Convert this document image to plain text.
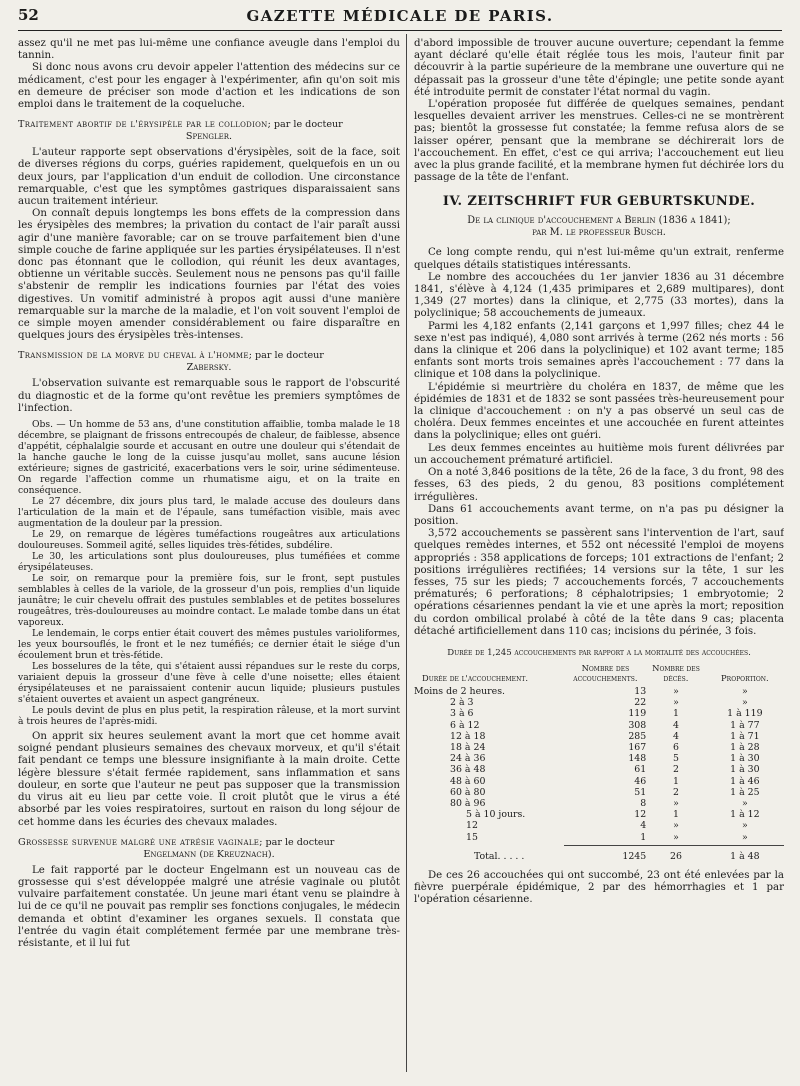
52	GAZETTE MÉDICALE DE PARIS.

assez qu'il ne met pas lui-même une confiance aveugle dans l'emploi du tannin.

Si donc nous avons cru devoir appeler l'attention des médecins sur ce médicament, c'est pour les engager à l'expérimenter, afin qu'on soit mis en demeure de préciser son mode d'action et les indications de son emploi dans le traitement de la coqueluche.

Traitement abortif de l'érysipèle par le collodion; par le docteur
Spengler.

L'auteur rapporte sept observations d'érysipèles, soit de la face, soit de diverses régions du corps, guéries rapidement, quelquefois en un ou deux jours, par l'application d'un enduit de collodion. Une circonstance remarquable, c'est que les symptômes gastriques disparaissaient sans aucun traitement intérieur.

On connaît depuis longtemps les bons effets de la compression dans les érysipèles des membres; la privation du contact de l'air paraît aussi agir d'une manière favorable; car on se trouve parfaitement bien d'une simple couche de farine appliquée sur les parties érysipélateuses. Il n'est donc pas étonnant que le collodion, qui réunit les deux avantages, obtienne un véritable succès. Seulement nous ne pensons pas qu'il faille s'abstenir de remplir les indications fournies par l'état des voies digestives. Un vomitif administré à propos agit aussi d'une manière remarquable sur la marche de la maladie, et l'on voit souvent l'emploi de ce simple moyen amender considérablement ou faire disparaître en quelques jours des érysipèles très-intenses.

Transmission de la morve du cheval à l'homme; par le docteur
Zabersky.

L'observation suivante est remarquable sous le rapport de l'obscurité du diagnostic et de la forme qu'ont revêtue les premiers symptômes de l'infection.

Obs. — Un homme de 53 ans, d'une constitution affaiblie, tomba malade le 18 décembre, se plaignant de frissons entrecoupés de chaleur, de faiblesse, absence d'appétit, céphalalgie sourde et accusant en outre une douleur qui s'étendait de la hanche gauche le long de la cuisse jusqu'au mollet, sans aucune lésion extérieure; signes de gastricité, exacerbations vers le soir, urine sédimenteuse. On regarde l'affection comme un rhumatisme aigu, et on la traite en conséquence.

Le 27 décembre, dix jours plus tard, le malade accuse des douleurs dans l'articulation de la main et de l'épaule, sans tuméfaction visible, mais avec augmentation de la douleur par la pression.

Le 29, on remarque de légères tuméfactions rougeâtres aux articulations douloureuses. Sommeil agité, selles liquides très-fétides, subdélire.

Le 30, les articulations sont plus douloureuses, plus tuméfiées et comme érysipélateuses.

Le soir, on remarque pour la première fois, sur le front, sept pustules semblables à celles de la variole, de la grosseur d'un pois, remplies d'un liquide jaunâtre; le cuir chevelu offrait des pustules semblables et de petites bosselures rougeâtres, très-douloureuses au moindre contact. Le malade tombe dans un état vaporeux.

Le lendemain, le corps entier était couvert des mêmes pustules varioliformes, les yeux boursouflés, le front et le nez tuméfiés; ce dernier était le siége d'un écoulement brun et très-fétide.

Les bosselures de la tête, qui s'étaient aussi répandues sur le reste du corps, variaient depuis la grosseur d'une fève à celle d'une noisette; elles étaient érysipélateuses et ne paraissaient contenir aucun liquide; plusieurs pustules s'étaient ouvertes et avaient un aspect gangréneux.

Le pouls devint de plus en plus petit, la respiration râleuse, et la mort survint à trois heures de l'après-midi.

On apprit six heures seulement avant la mort que cet homme avait soigné pendant plusieurs semaines des chevaux morveux, et qu'il s'était fait pendant ce temps une blessure insignifiante à la main droite. Cette légère blessure s'était fermée rapidement, sans inflammation et sans douleur, en sorte que l'auteur ne peut pas supposer que la transmission du virus ait eu lieu par cette voie. Il croit plutôt que le virus a été absorbé par les voies respiratoires, surtout en raison du long séjour de cet homme dans les écuries des chevaux malades.

Grossesse survenue malgré une atrésie vaginale; par le docteur
Engelmann (de Kreuznach).

Le fait rapporté par le docteur Engelmann est un nouveau cas de grossesse qui s'est développée malgré une atrésie vaginale ou plutôt vulvaire parfaitement constatée. Un jeune mari étant venu se plaindre à lui de ce qu'il ne pouvait pas remplir ses fonctions conjugales, le médecin demanda et obtint d'examiner les organes sexuels. Il constata que l'entrée du vagin était complétement fermée par une membrane très-résistante, et il lui fut

d'abord impossible de trouver aucune ouverture; cependant la femme ayant déclaré qu'elle était réglée tous les mois, l'auteur finit par découvrir à la partie supérieure de la membrane une ouverture qui ne dépassait pas la grosseur d'une tête d'épingle; une petite sonde ayant été introduite permit de constater l'état normal du vagin.

L'opération proposée fut différée de quelques semaines, pendant lesquelles devaient arriver les menstrues. Celles-ci ne se montrèrent pas; bientôt la grossesse fut constatée; la femme refusa alors de se laisser opérer, pensant que la membrane se déchirerait lors de l'accouchement. En effet, c'est ce qui arriva; l'accouchement eut lieu avec la plus grande facilité, et la membrane hymen fut déchirée lors du passage de la tête de l'enfant.

IV. ZEITSCHRIFT FUR GEBURTSKUNDE.
De la clinique d'accouchement a Berlin (1836 a 1841);
par M. le professeur Busch.

Ce long compte rendu, qui n'est lui-même qu'un extrait, renferme quelques détails statistiques intéressants.

Le nombre des accouchées du 1er janvier 1836 au 31 décembre 1841, s'élève à 4,124 (1,435 primipares et 2,689 multipares), dont 1,349 (27 mortes) dans la clinique, et 2,775 (33 mortes), dans la polyclinique; 58 accouchements de jumeaux.

Parmi les 4,182 enfants (2,141 garçons et 1,997 filles; chez 44 le sexe n'est pas indiqué), 4,080 sont arrivés à terme (262 nés morts : 56 dans la clinique et 206 dans la polyclinique) et 102 avant terme; 185 enfants sont morts trois semaines après l'accouchement : 77 dans la clinique et 108 dans la polyclinique.

L'épidémie si meurtrière du choléra en 1837, de même que les épidémies de 1831 et de 1832 se sont passées très-heureusement pour la clinique d'accouchement : on n'y a pas observé un seul cas de choléra. Deux femmes enceintes et une accouchée en furent atteintes dans la polyclinique; elles ont guéri.

Les deux femmes enceintes au huitième mois furent délivrées par un accouchement prématuré artificiel.

On a noté 3,846 positions de la tête, 26 de la face, 3 du front, 98 des fesses, 63 des pieds, 2 du genou, 83 positions complétement irrégulières.

Dans 61 accouchements avant terme, on n'a pas pu désigner la position.

3,572 accouchements se passèrent sans l'intervention de l'art, sauf quelques remèdes internes, et 552 ont nécessité l'emploi de moyens appropriés : 358 applications de forceps; 101 extractions de l'enfant; 2 positions irrégulières rectifiées; 14 versions sur la tête, 1 sur les fesses, 75 sur les pieds; 7 accouchements forcés, 7 accouchements prématurés; 6 perforations; 8 céphalotripsies; 1 embryotomie; 2 opérations césariennes pendant la vie et une après la mort; reposition du cordon ombilical prolabé à côté de la tête dans 9 cas; placenta détaché artificiellement dans 110 cas; incisions du périnée, 3 fois.

Durée de 1,245 accouchements par rapport a la mortalité des accouchées.
Durée de l'accouchement.	Nombre des accouchements.	Nombre des décès.	Proportion.
Moins de 2 heures.	13	»	»
2 à 3	22	»	»
3 à 6	119	1	1 à 119
6 à 12	308	4	1 à 77
12 à 18	285	4	1 à 71
18 à 24	167	6	1 à 28
24 à 36	148	5	1 à 30
36 à 48	61	2	1 à 30
48 à 60	46	1	1 à 46
60 à 80	51	2	1 à 25
80 à 96	8	»	»
5 à 10 jours.	12	1	1 à 12
12	4	»	»
15	1	»	»

Total. . . . .	1245	26	1 à 48

De ces 26 accouchées qui ont succombé, 23 ont été enlevées par la fièvre puerpérale épidémique, 2 par des hémorrhagies et 1 par l'opération césarienne.
